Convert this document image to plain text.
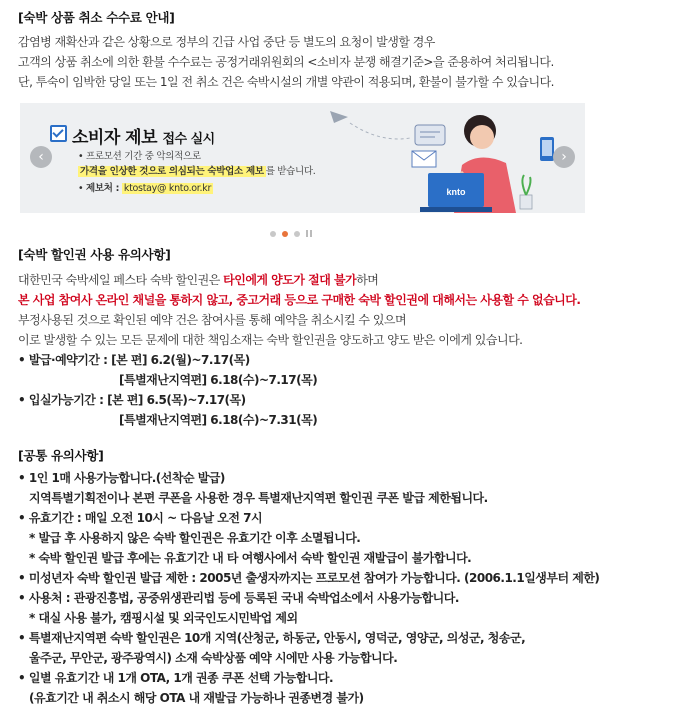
[숙박 상품 취소 수수료 안내]
감염병 재확산과 같은 상황으로 정부의 긴급 사업 중단 등 별도의 요청이 발생할 경우
고객의 상품 취소에 의한 환불 수수료는 공정거래위원회의 <소비자 분쟁 해결기준>을 준용하여 처리됩니다.
단, 투숙이 임박한 당일 또는 1일 전 취소 건은 숙박시설의 개별 약관이 적용되며, 환불이 불가할 수 있습니다.
소비자 제보 접수 실시
• 프로모션 기간 중 악의적으로
가격을 인상한 것으로 의심되는 숙박업소 제보 를 받습니다.
• 제보처 : ktostay@ knto.or.kr	knto
‹	›
[숙박 할인권 사용 유의사항]
대한민국 숙박세일 페스타 숙박 할인권은 타인에게 양도가 절대 불가하며
본 사업 참여사 온라인 채널을 통하지 않고, 중고거래 등으로 구매한 숙박 할인권에 대해서는 사용할 수 없습니다.
부정사용된 것으로 확인된 예약 건은 참여사를 통해 예약을 취소시킬 수 있으며
이로 발생할 수 있는 모든 문제에 대한 책임소재는 숙박 할인권을 양도하고 양도 받은 이에게 있습니다.
• 발급·예약기간 : [본 편] 6.2(월)~7.17(목)
[특별재난지역편] 6.18(수)~7.17(목)
• 입실가능기간 : [본 편] 6.5(목)~7.17(목)
[특별재난지역편] 6.18(수)~7.31(목)
[공통 유의사항]
• 1인 1매 사용가능합니다.(선착순 발급)
지역특별기획전이나 본편 쿠폰을 사용한 경우 특별재난지역편 할인권 쿠폰 발급 제한됩니다.
• 유효기간 : 매일 오전 10시 ~ 다음날 오전 7시
* 발급 후 사용하지 않은 숙박 할인권은 유효기간 이후 소멸됩니다.
* 숙박 할인권 발급 후에는 유효기간 내 타 여행사에서 숙박 할인권 재발급이 불가합니다.
• 미성년자 숙박 할인권 발급 제한 : 2005년 출생자까지는 프로모션 참여가 가능합니다. (2006.1.1일생부터 제한)
• 사용처 : 관광진흥법, 공중위생관리법 등에 등록된 국내 숙박업소에서 사용가능합니다.
* 대실 사용 불가, 캠핑시설 및 외국인도시민박업 제외
• 특별재난지역편 숙박 할인권은 10개 지역(산청군, 하동군, 안동시, 영덕군, 영양군, 의성군, 청송군,
울주군, 무안군, 광주광역시) 소재 숙박상품 예약 시에만 사용 가능합니다.
• 일별 유효기간 내 1개 OTA, 1개 권종 쿠폰 선택 가능합니다.
(유효기간 내 취소시 해당 OTA 내 재발급 가능하나 권종변경 불가)
